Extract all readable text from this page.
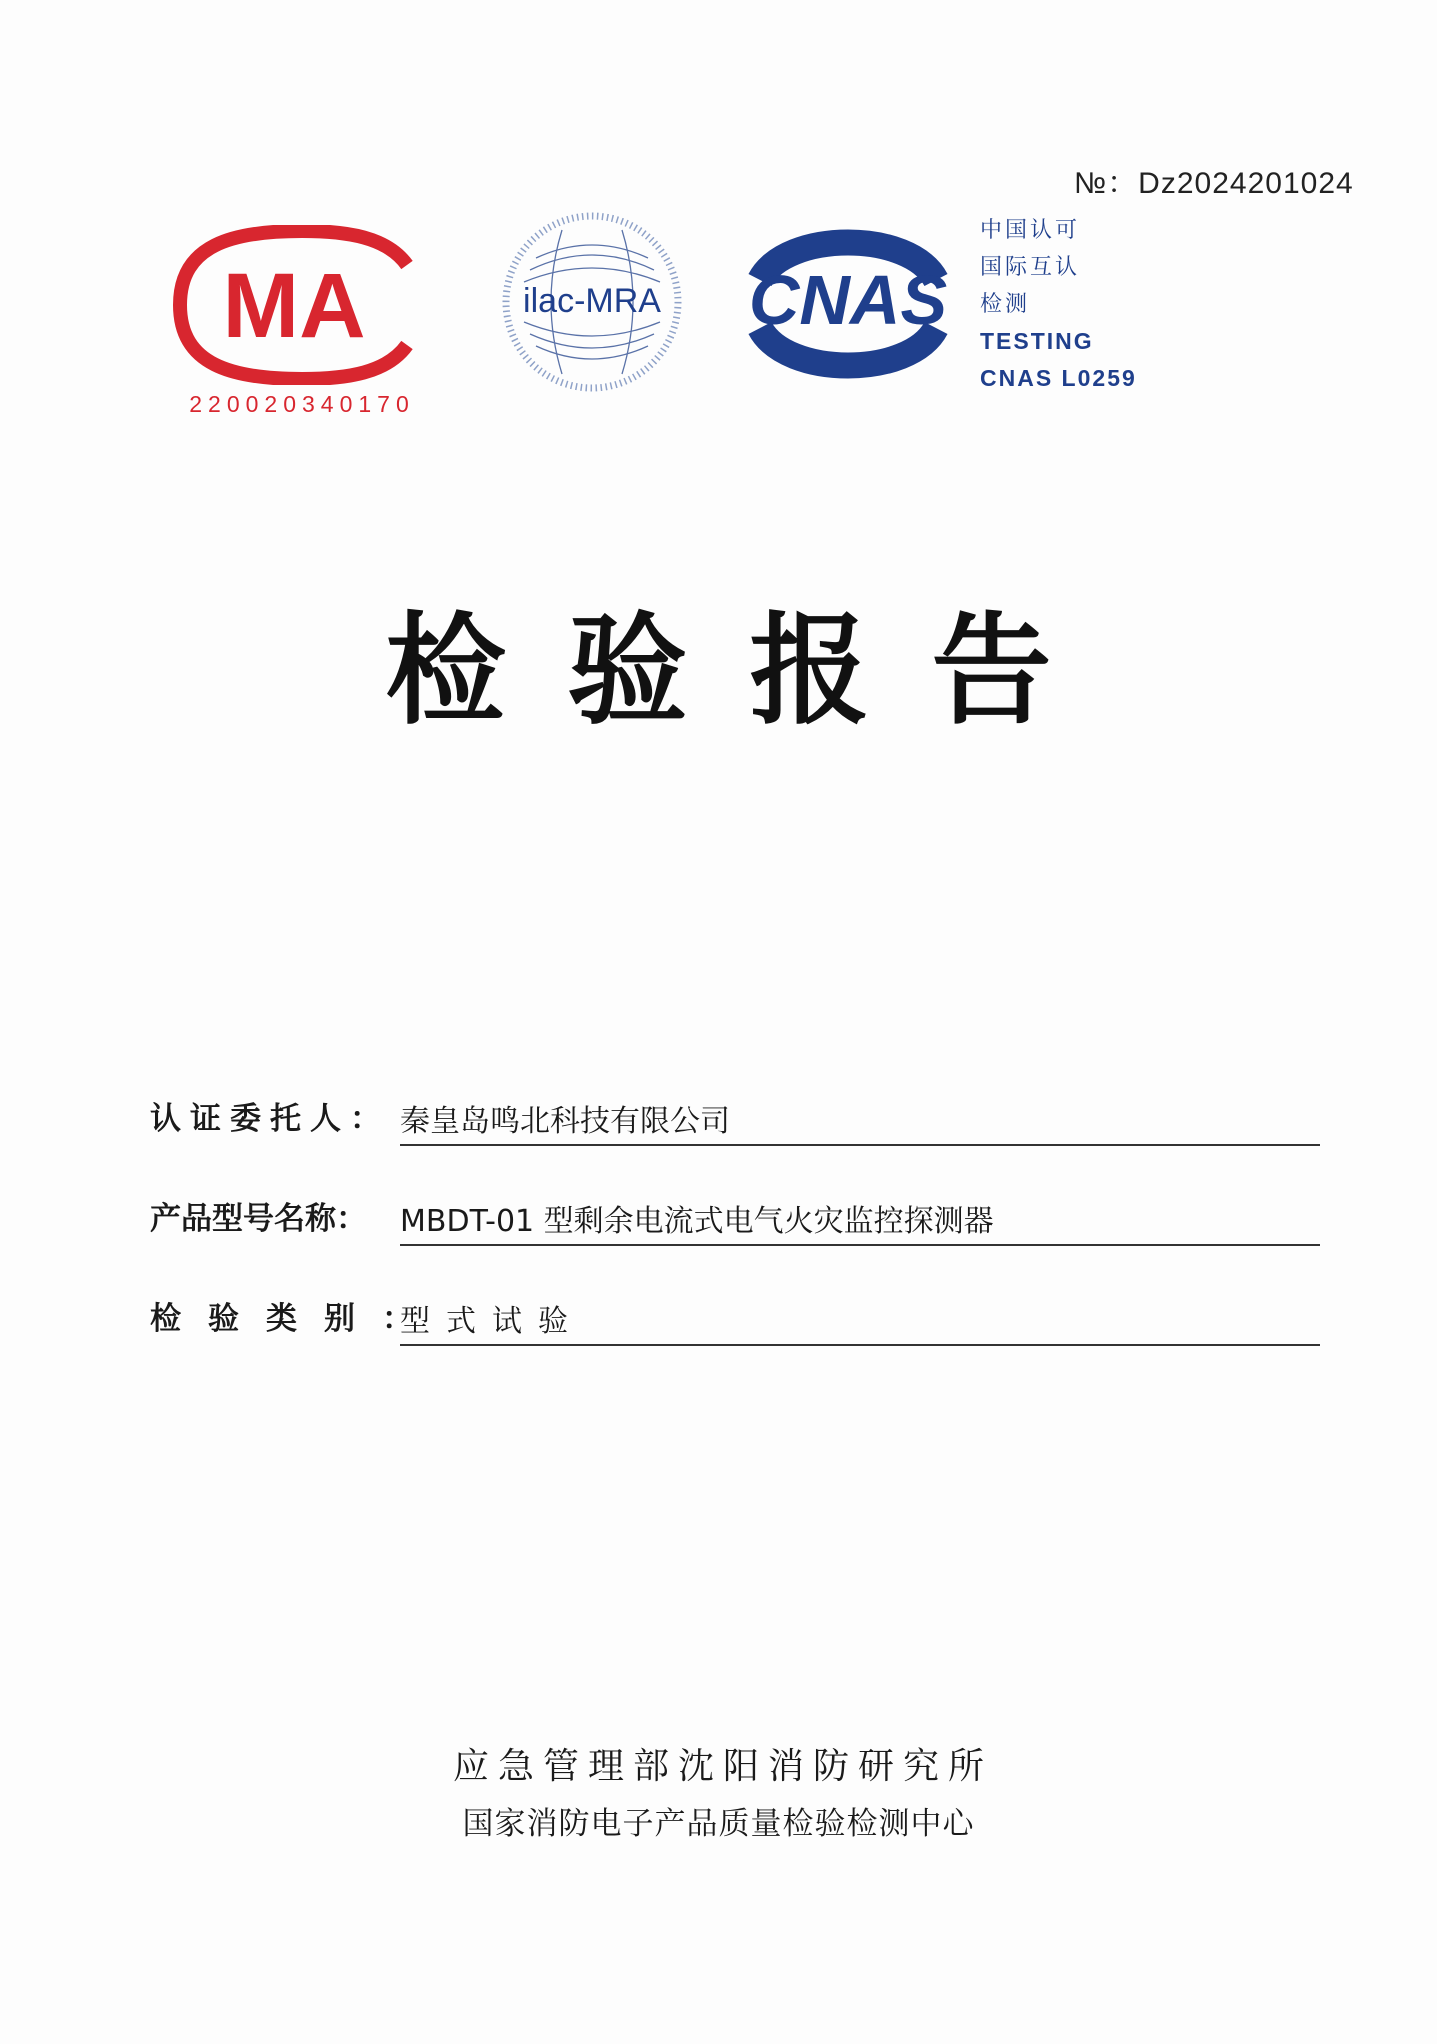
№：Dz2024201024
MA
220020340170
ilac-MRA CNAS
中国认可
国际互认
检测
TESTING
CNAS L0259
检验报告
认证委托人： 秦皇岛鸣北科技有限公司
产品型号名称： MBDT-01 型剩余电流式电气火灾监控探测器
检验类别：
型式试验
应急管理部沈阳消防研究所
国家消防电子产品质量检验检测中心
